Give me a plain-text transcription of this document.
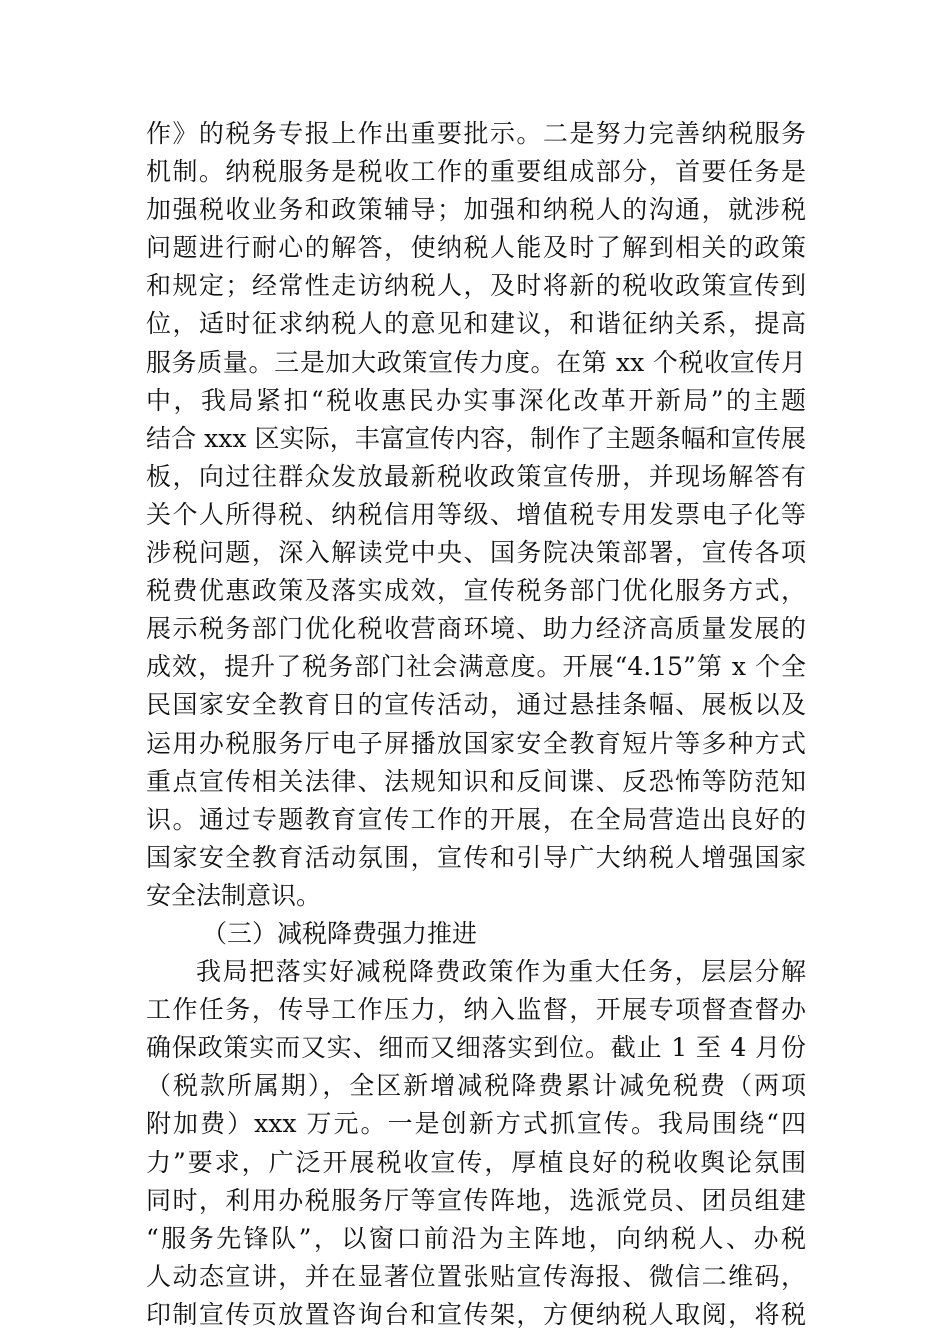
作》的税务专报上作出重要批示。二是努力完善纳税服务
机制。纳税服务是税收工作的重要组成部分，首要任务是
加强税收业务和政策辅导；加强和纳税人的沟通，就涉税
问题进行耐心的解答，使纳税人能及时了解到相关的政策
和规定；经常性走访纳税人，及时将新的税收政策宣传到
位，适时征求纳税人的意见和建议，和谐征纳关系，提高
服务质量。三是加大政策宣传力度。在第 xx 个税收宣传月
中，我局紧扣“税收惠民办实事深化改革开新局”的主题
结合 xxx 区实际，丰富宣传内容，制作了主题条幅和宣传展
板，向过往群众发放最新税收政策宣传册，并现场解答有
关个人所得税、纳税信用等级、增值税专用发票电子化等
涉税问题，深入解读党中央、国务院决策部署，宣传各项
税费优惠政策及落实成效，宣传税务部门优化服务方式，
展示税务部门优化税收营商环境、助力经济高质量发展的
成效，提升了税务部门社会满意度。开展“4.15”第 x 个全
民国家安全教育日的宣传活动，通过悬挂条幅、展板以及
运用办税服务厅电子屏播放国家安全教育短片等多种方式
重点宣传相关法律、法规知识和反间谍、反恐怖等防范知
识。通过专题教育宣传工作的开展，在全局营造出良好的
国家安全教育活动氛围，宣传和引导广大纳税人增强国家
安全法制意识。
（三）减税降费强力推进
我局把落实好减税降费政策作为重大任务，层层分解
工作任务，传导工作压力，纳入监督，开展专项督查督办
确保政策实而又实、细而又细落实到位。截止 1 至 4 月份
（税款所属期），全区新增减税降费累计减免税费（两项
附加费）xxx 万元。一是创新方式抓宣传。我局围绕“四
力”要求，广泛开展税收宣传，厚植良好的税收舆论氛围
同时，利用办税服务厅等宣传阵地，选派党员、团员组建
“服务先锋队”，以窗口前沿为主阵地，向纳税人、办税
人动态宣讲，并在显著位置张贴宣传海报、微信二维码，
印制宣传页放置咨询台和宣传架，方便纳税人取阅，将税
